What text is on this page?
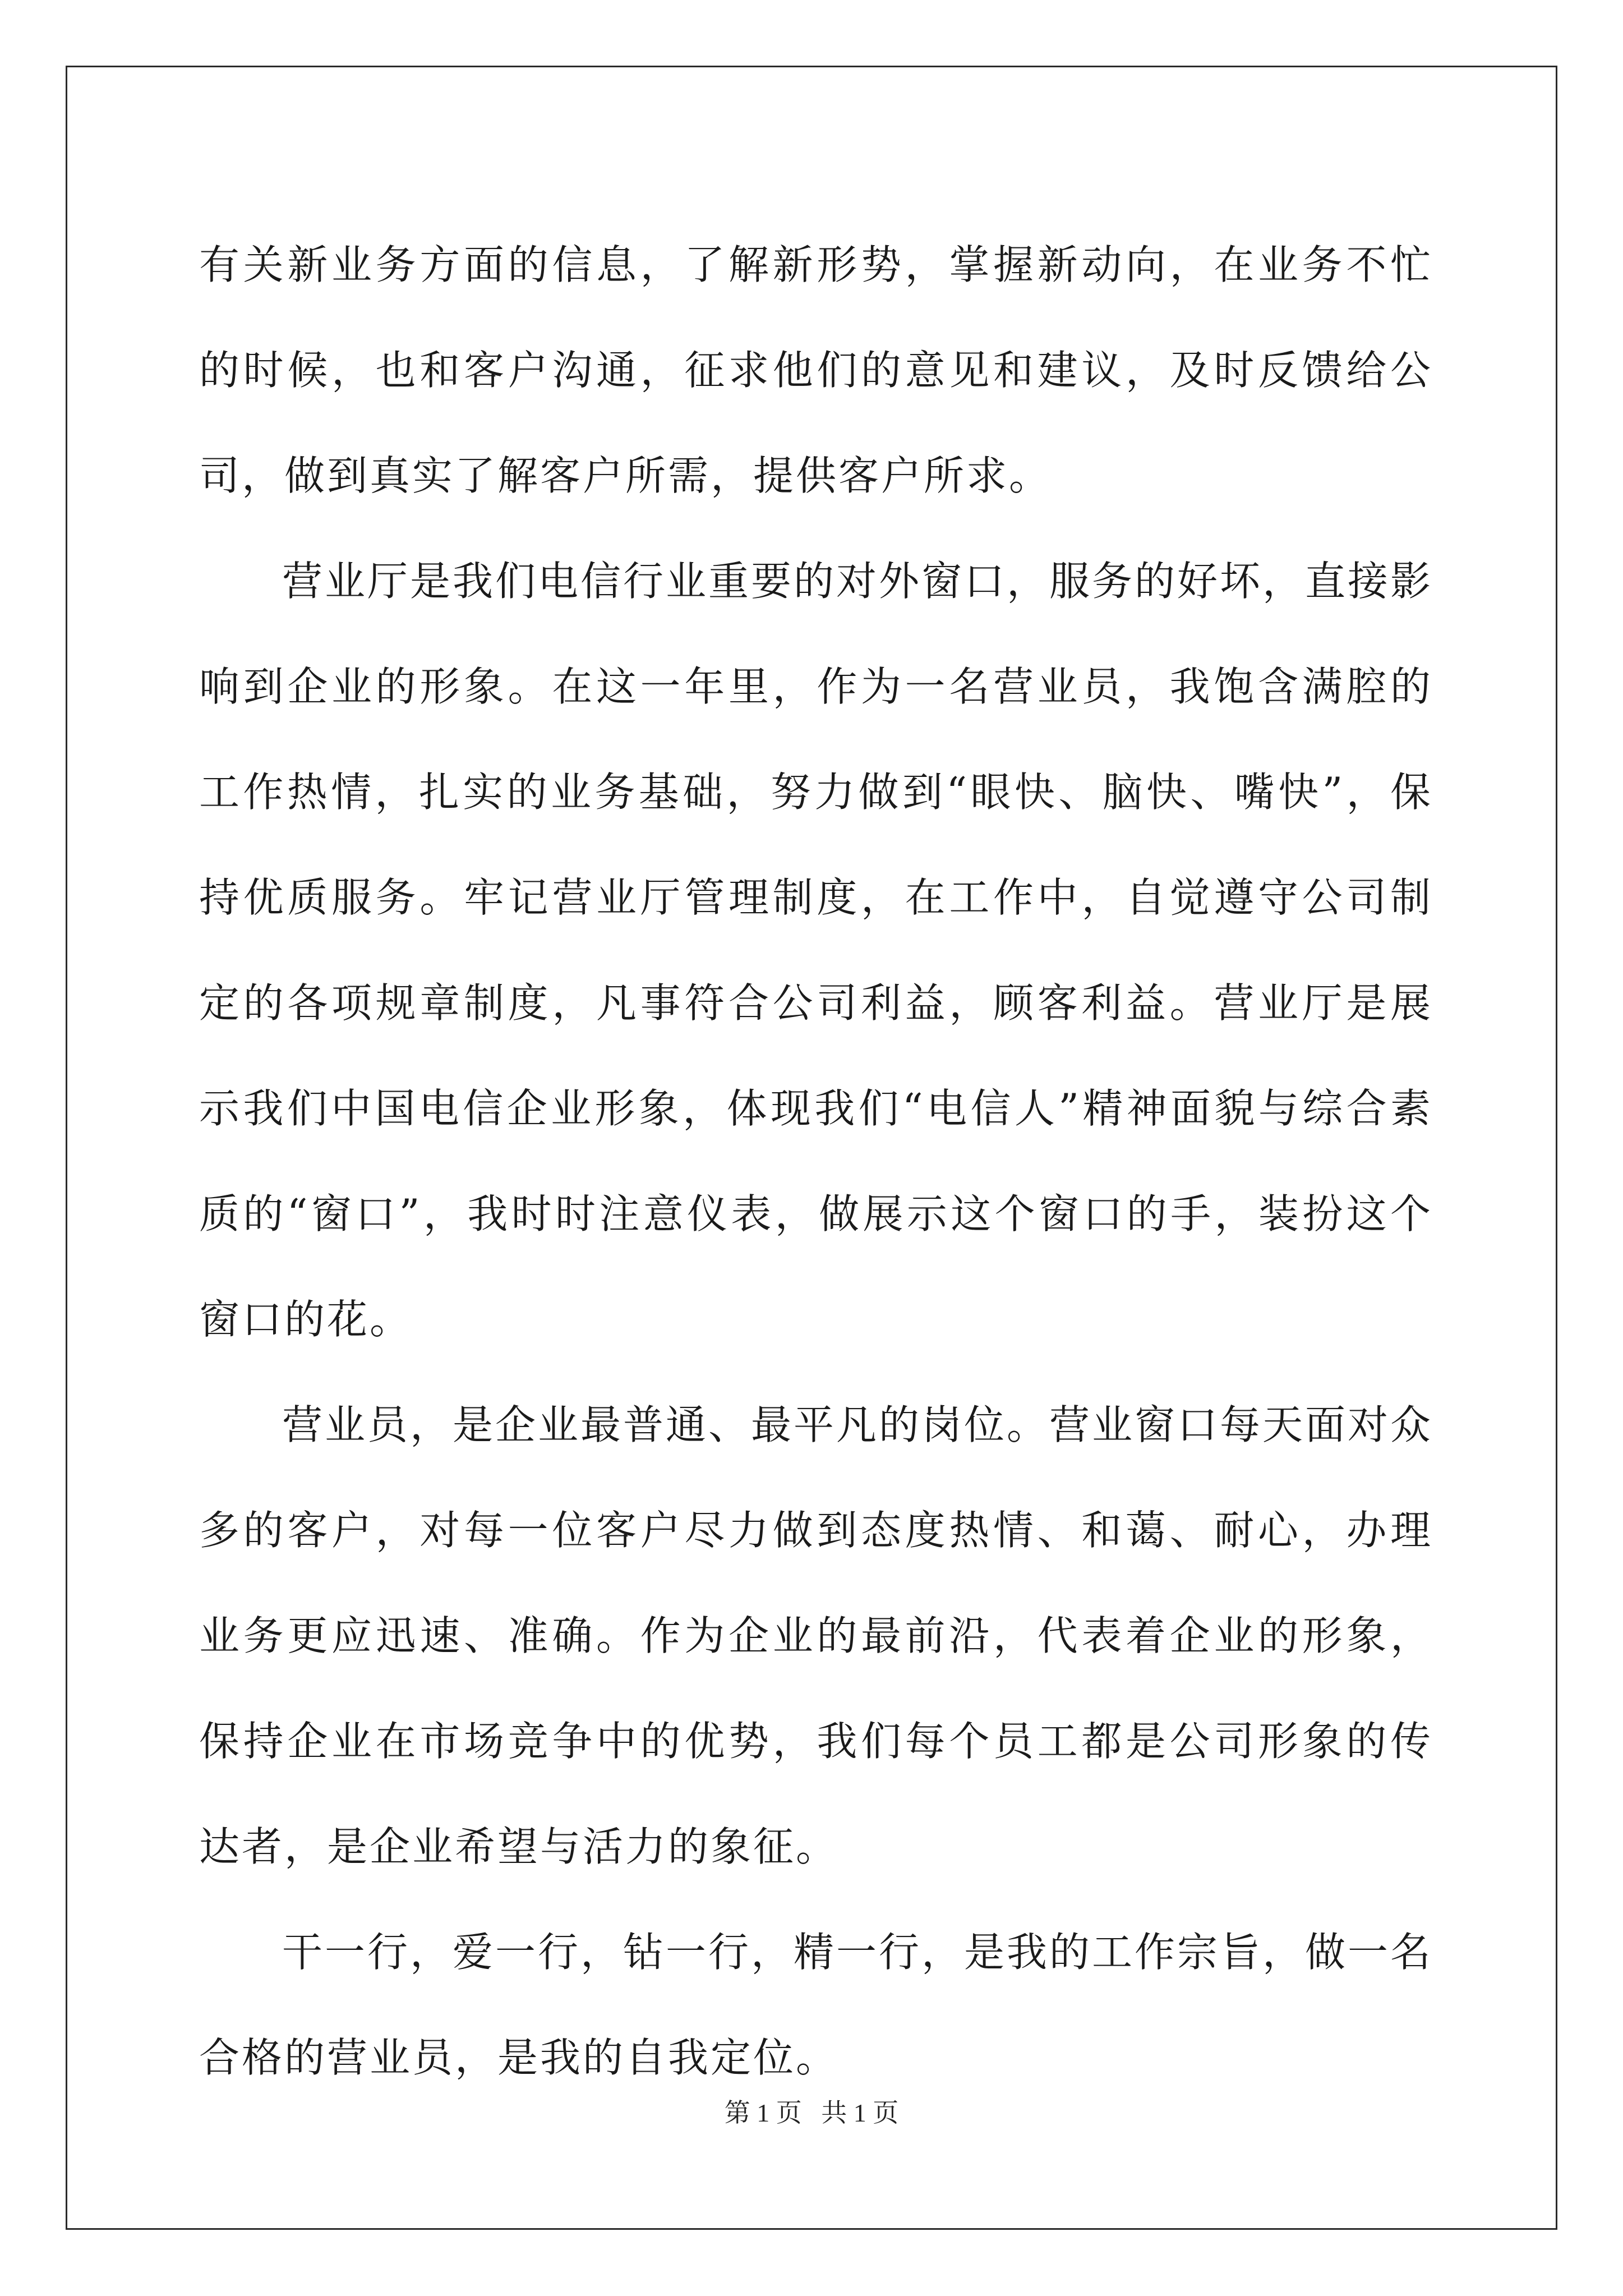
有关新业务方面的信息，了解新形势，掌握新动向，在业务不忙的时候，也和客户沟通，征求他们的意见和建议，及时反馈给公司，做到真实了解客户所需，提供客户所求。

营业厅是我们电信行业重要的对外窗口，服务的好坏，直接影响到企业的形象。在这一年里，作为一名营业员，我饱含满腔的工作热情，扎实的业务基础，努力做到“眼快、脑快、嘴快”，保持优质服务。牢记营业厅管理制度，在工作中，自觉遵守公司制定的各项规章制度，凡事符合公司利益，顾客利益。营业厅是展示我们中国电信企业形象，体现我们“电信人”精神面貌与综合素质的“窗口”，我时时注意仪表，做展示这个窗口的手，装扮这个窗口的花。

营业员，是企业最普通、最平凡的岗位。营业窗口每天面对众多的客户，对每一位客户尽力做到态度热情、和蔼、耐心，办理业务更应迅速、准确。作为企业的最前沿，代表着企业的形象，保持企业在市场竞争中的优势，我们每个员工都是公司形象的传达者，是企业希望与活力的象征。

干一行，爱一行，钻一行，精一行，是我的工作宗旨，做一名合格的营业员，是我的自我定位。

第 1 页   共 1 页
